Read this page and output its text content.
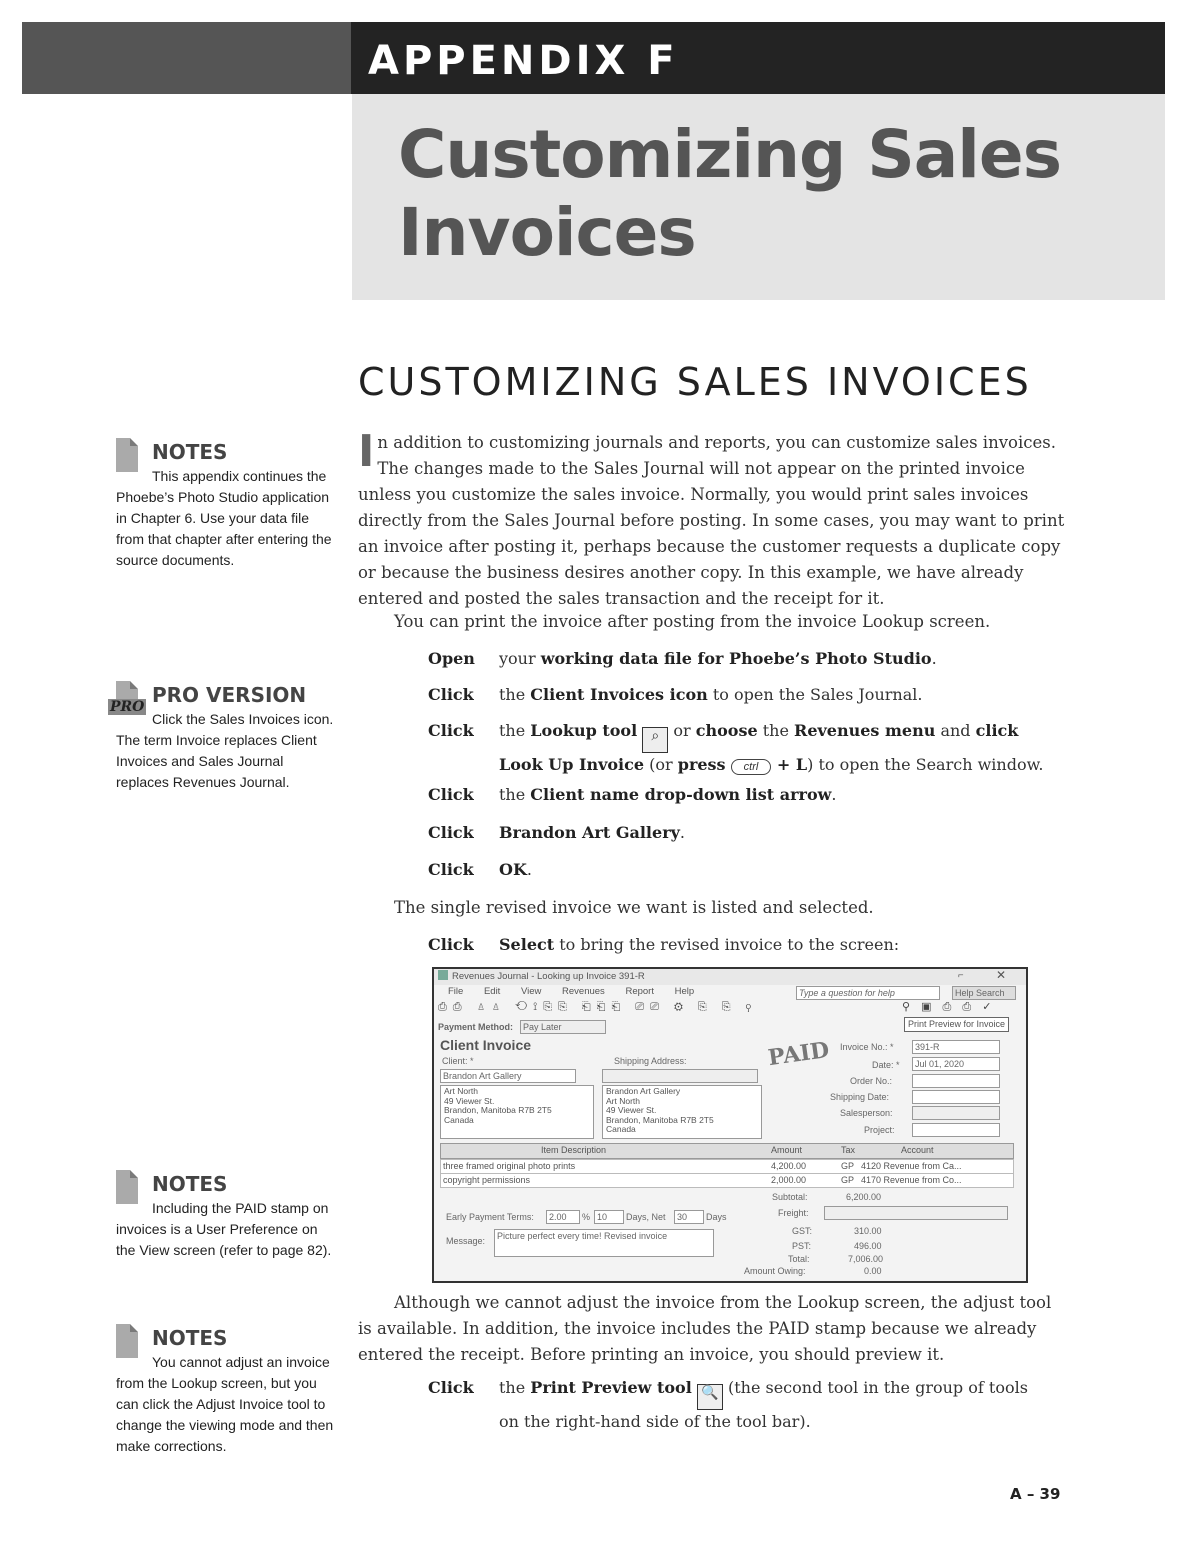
APPENDIX F
Customizing Sales Invoices
CUSTOMIZING SALES INVOICES
NOTES
This appendix continues the
Phoebe’s Photo Studio application in Chapter 6. Use your data file from that chapter after entering the source documents.
PRO PRO VERSION
Click the Sales Invoices icon.
The term Invoice replaces Client Invoices and Sales Journal replaces Revenues Journal.
NOTES
Including the PAID stamp on
invoices is a User Preference on the View screen (refer to page 82).
NOTES
You cannot adjust an invoice
from the Lookup screen, but you can click the Adjust Invoice tool to change the viewing mode and then make corrections.
In addition to customizing journals and reports, you can customize sales invoices. The changes made to the Sales Journal will not appear on the printed invoice unless you customize the sales invoice. Normally, you would print sales invoices directly from the Sales Journal before posting. In some cases, you may want to print an invoice after posting it, perhaps because the customer requests a duplicate copy or because the business desires another copy. In this example, we have already entered and posted the sales transaction and the receipt for it.
You can print the invoice after posting from the invoice Lookup screen.
Open your working data file for Phoebe’s Photo Studio.
Click the Client Invoices icon to open the Sales Journal.
Click the Lookup tool ⌕ or choose the Revenues menu and click
Look Up Invoice (or press ctrl + L) to open the Search window.
Click the Client name drop-down list arrow.
Click Brandon Art Gallery.
Click OK.
The single revised invoice we want is listed and selected.
Click Select to bring the revised invoice to the screen:
Revenues Journal - Looking up Invoice 391-R	⌐	✕
File Edit View Revenues Report Help	Type a question for help	Help Search
⎙⎙ ♙♙ ⟲⟟⎘⎘ ⎗⎗⎗ ⎚⎚ ⚙ ⎘ ⎘ ⚲	⚲ ▣ ⎙ ⎙ ✓
Print Preview for Invoice
Payment Method:	Pay Later
Client Invoice
Client: *
Brandon Art Gallery
Shipping Address:	PAID
Art North
49 Viewer St.
Brandon, Manitoba R7B 2T5
Canada
Brandon Art Gallery
Art North
49 Viewer St.
Brandon, Manitoba R7B 2T5
Canada
Invoice No.: *	391-R
Date: *	Jul 01, 2020
Order No.:
Shipping Date:
Salesperson:
Project:
Item Description	Amount	Tax	Account
three framed original photo prints	4,200.00	GP 4120 Revenue from Ca...
copyright permissions	2,000.00	GP 4170 Revenue from Co...
Subtotal:	6,200.00
Freight:
GST:	310.00
PST:	496.00
Total:	7,006.00
Amount Owing:	0.00
Early Payment Terms:	2.00	% 10	Days, Net	30	Days
Message:	Picture perfect every time! Revised invoice
Although we cannot adjust the invoice from the Lookup screen, the adjust tool is available. In addition, the invoice includes the PAID stamp because we already entered the receipt. Before printing an invoice, you should preview it.
Click the Print Preview tool 🔍 (the second tool in the group of tools
on the right-hand side of the tool bar).
A – 39
